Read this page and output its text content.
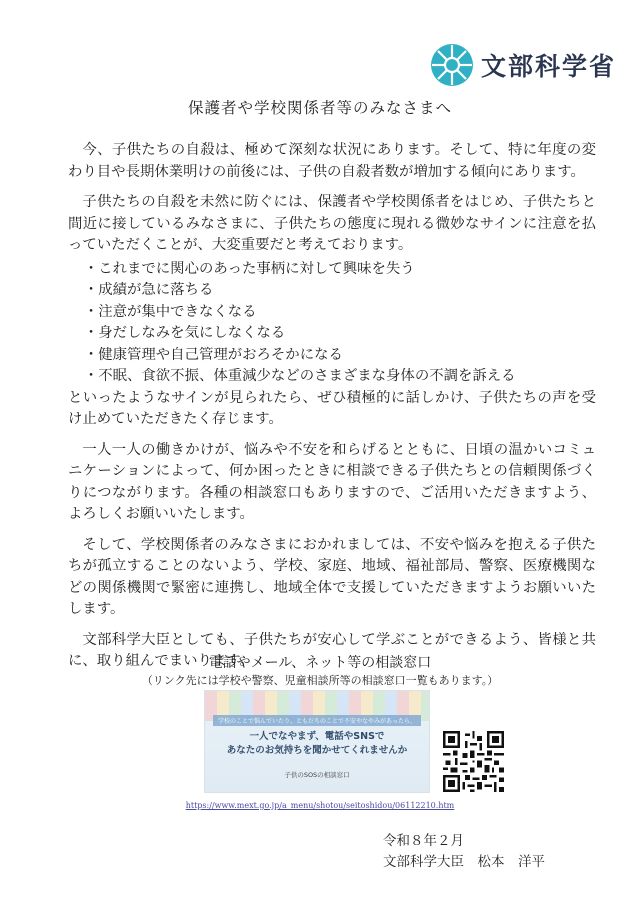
文部科学省
保護者や学校関係者等のみなさまへ

今、子供たちの自殺は、極めて深刻な状況にあります。そして、特に年度の変わり目や長期休業明けの前後には、子供の自殺者数が増加する傾向にあります。

子供たちの自殺を未然に防ぐには、保護者や学校関係者をはじめ、子供たちと間近に接しているみなさまに、子供たちの態度に現れる微妙なサインに注意を払っていただくことが、大変重要だと考えております。

・これまでに関心のあった事柄に対して興味を失う
・成績が急に落ちる
・注意が集中できなくなる
・身だしなみを気にしなくなる
・健康管理や自己管理がおろそかになる
・不眠、食欲不振、体重減少などのさまざまな身体の不調を訴える

といったようなサインが見られたら、ぜひ積極的に話しかけ、子供たちの声を受け止めていただきたく存じます。

一人一人の働きかけが、悩みや不安を和らげるとともに、日頃の温かいコミュニケーションによって、何か困ったときに相談できる子供たちとの信頼関係づくりにつながります。各種の相談窓口もありますので、ご活用いただきますよう、よろしくお願いいたします。

そして、学校関係者のみなさまにおかれましては、不安や悩みを抱える子供たちが孤立することのないよう、学校、家庭、地域、福祉部局、警察、医療機関などの関係機関で緊密に連携し、地域全体で支援していただきますようお願いいたします。

文部科学大臣としても、子供たちが安心して学ぶことができるよう、皆様と共に、取り組んでまいります。

電話やメール、ネット等の相談窓口
（リンク先には学校や警察、児童相談所等の相談窓口一覧もあります。）
学校のことで悩んでいたり、ともだちのことで不安やなやみがあったら、
一人でなやまず、電話やSNSで
あなたのお気持ちを聞かせてくれませんか
子供のSOSの相談窓口
https://www.mext.go.jp/a_menu/shotou/seitoshidou/06112210.htm
令和８年２月
文部科学大臣　松本　洋平
